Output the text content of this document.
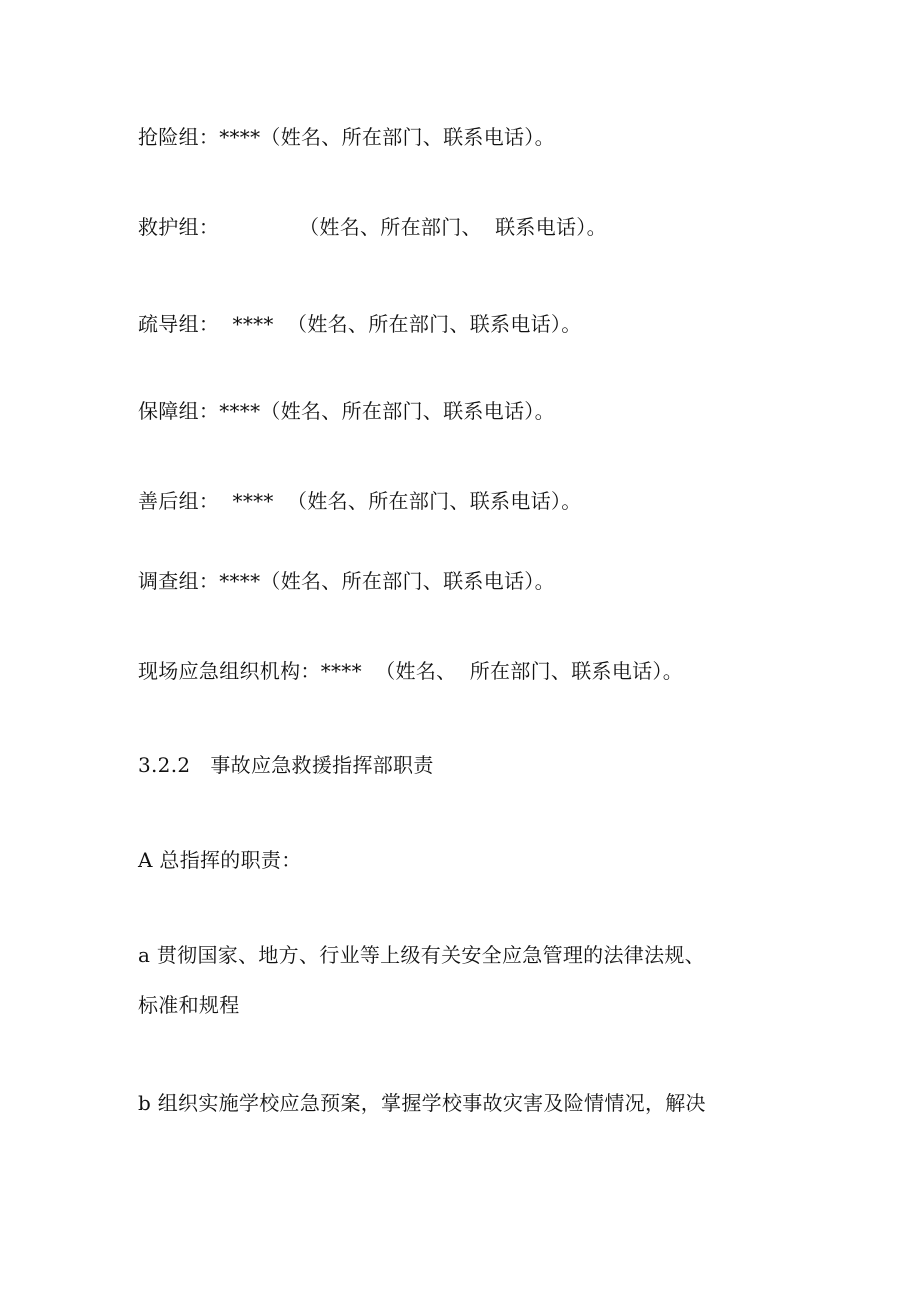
抢险组：****（姓名、所在部门、联系电话）。
救护组：            （姓名、所在部门、  联系电话）。
疏导组：  ****  （姓名、所在部门、联系电话）。
保障组：****（姓名、所在部门、联系电话）。
善后组：  ****  （姓名、所在部门、联系电话）。
调查组：****（姓名、所在部门、联系电话）。
现场应急组织机构：****  （姓名、  所在部门、联系电话）。
3.2.2   事故应急救援指挥部职责
A 总指挥的职责：
a 贯彻国家、地方、行业等上级有关安全应急管理的法律法规、
标准和规程
b 组织实施学校应急预案，掌握学校事故灾害及险情情况，解决
